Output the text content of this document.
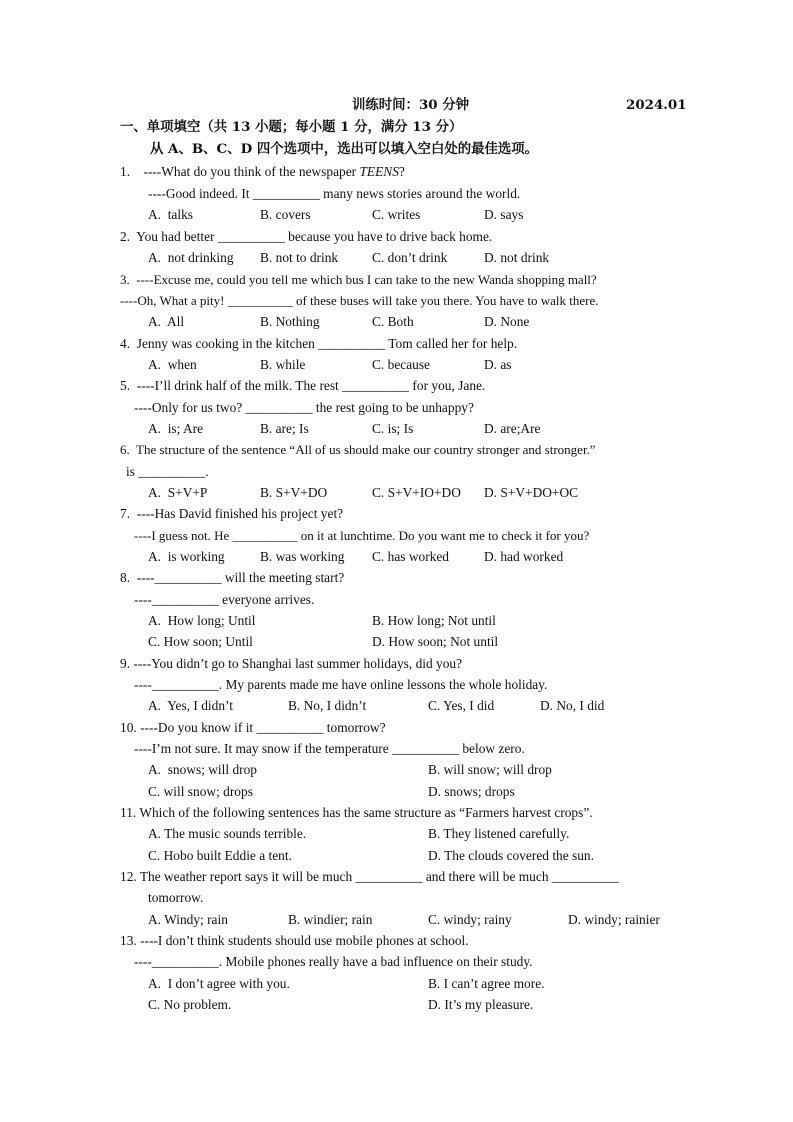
训练时间：30 分钟	2024.01
一、单项填空（共 13 小题；每小题 1 分，满分 13 分）
从 A、B、C、D 四个选项中，选出可以填入空白处的最佳选项。
1.    ----What do you think of the newspaper TEENS?
----Good indeed. It __________ many news stories around the world.
A.  talks	B. covers	C. writes	D. says
2.  You had better __________ because you have to drive back home.
A.  not drinking B. not to drink	C. don’t drink	D. not drink
3.  ----Excuse me, could you tell me which bus I can take to the new Wanda shopping mall?
----Oh, What a pity! __________ of these buses will take you there. You have to walk there.
A.  All	B. Nothing	C. Both	D. None
4.  Jenny was cooking in the kitchen __________ Tom called her for help.
A.  when	B. while	C. because	D. as
5.  ----I’ll drink half of the milk. The rest __________ for you, Jane.
----Only for us two? __________ the rest going to be unhappy?
A.  is; Are	B. are; Is	C. is; Is	D. are;Are
6.  The structure of the sentence “All of us should make our country stronger and stronger.”
is __________.
A.  S+V+P	B. S+V+DO	C. S+V+IO+DO D. S+V+DO+OC
7.  ----Has David finished his project yet?
----I guess not. He __________ on it at lunchtime. Do you want me to check it for you?
A.  is working	B. was working C. has worked	D. had worked
8.  ----__________ will the meeting start?
----__________ everyone arrives.
A.  How long; Until	B. How long; Not until
C. How soon; Until	D. How soon; Not until
9. ----You didn’t go to Shanghai last summer holidays, did you?
----__________. My parents made me have online lessons the whole holiday.
A.  Yes, I didn’t	B. No, I didn’t	C. Yes, I did	D. No, I did
10. ----Do you know if it __________ tomorrow?
----I’m not sure. It may snow if the temperature __________ below zero.
A.  snows; will drop	B. will snow; will drop
C. will snow; drops	D. snows; drops
11. Which of the following sentences has the same structure as “Farmers harvest crops”.
A. The music sounds terrible.	B. They listened carefully.
C. Hobo built Eddie a tent.	D. The clouds covered the sun.
12. The weather report says it will be much __________ and there will be much __________
tomorrow.
A. Windy; rain	B. windier; rain	C. windy; rainy	D. windy; rainier
13. ----I don’t think students should use mobile phones at school.
----__________. Mobile phones really have a bad influence on their study.
A.  I don’t agree with you.	B. I can’t agree more.
C. No problem.	D. It’s my pleasure.
